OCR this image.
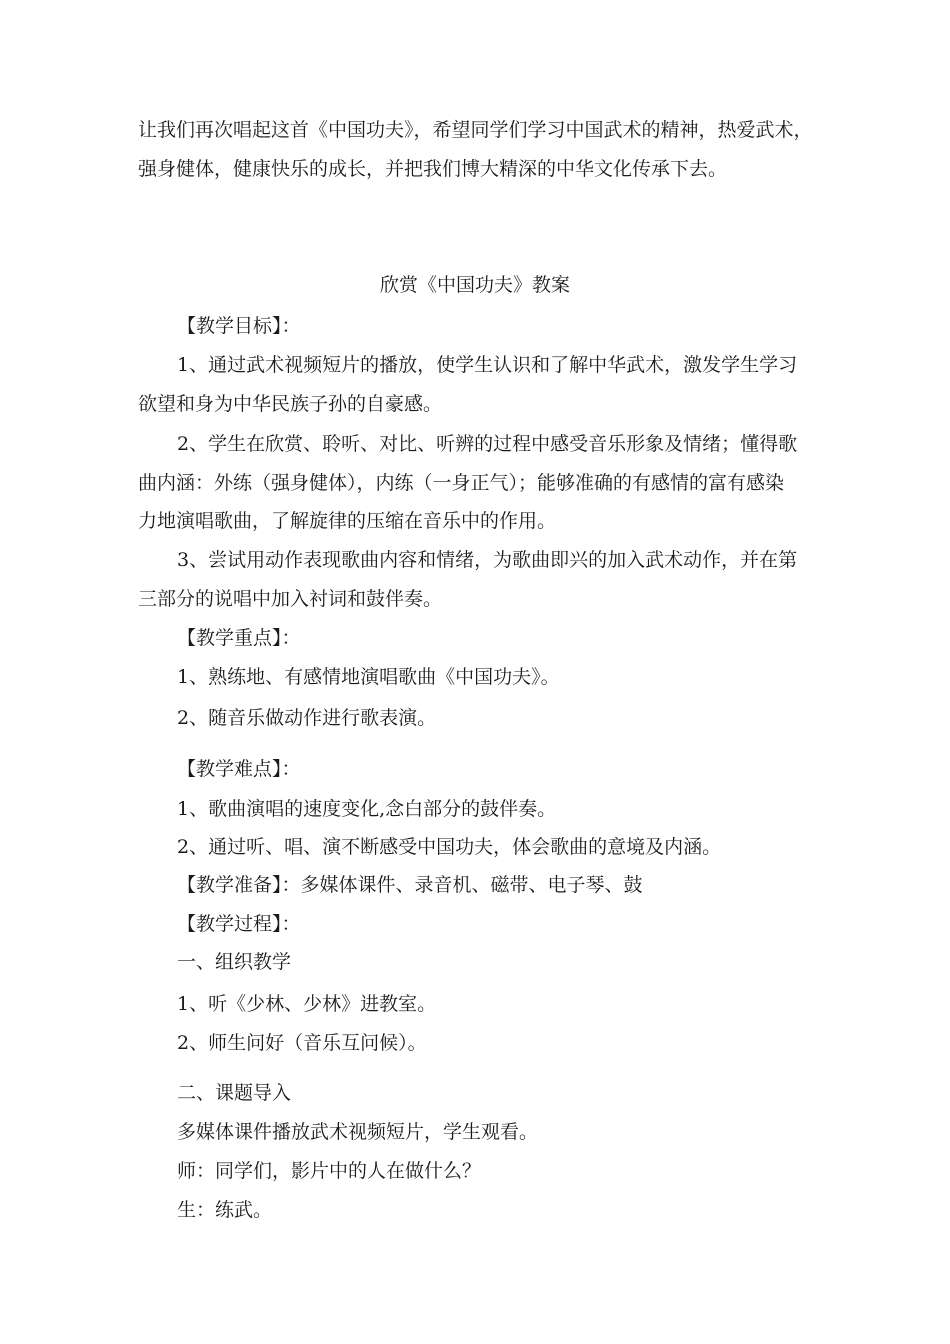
让我们再次唱起这首《中国功夫》，希望同学们学习中国武术的精神，热爱武术，
强身健体，健康快乐的成长，并把我们博大精深的中华文化传承下去。
欣赏《中国功夫》教案
【教学目标】：
1、通过武术视频短片的播放，使学生认识和了解中华武术，激发学生学习
欲望和身为中华民族子孙的自豪感。
2、学生在欣赏、聆听、对比、听辨的过程中感受音乐形象及情绪；懂得歌
曲内涵：外练（强身健体），内练（一身正气）；能够准确的有感情的富有感染
力地演唱歌曲，了解旋律的压缩在音乐中的作用。
3、尝试用动作表现歌曲内容和情绪，为歌曲即兴的加入武术动作，并在第
三部分的说唱中加入衬词和鼓伴奏。
【教学重点】：
1、熟练地、有感情地演唱歌曲《中国功夫》。
2、随音乐做动作进行歌表演。
【教学难点】：
1、歌曲演唱的速度变化,念白部分的鼓伴奏。
2、通过听、唱、演不断感受中国功夫，体会歌曲的意境及内涵。
【教学准备】：多媒体课件、录音机、磁带、电子琴、鼓
【教学过程】：
一、组织教学
1、听《少林、少林》进教室。
2、师生问好（音乐互问候）。
二、课题导入
多媒体课件播放武术视频短片，学生观看。
师：同学们，影片中的人在做什么？
生：练武。
